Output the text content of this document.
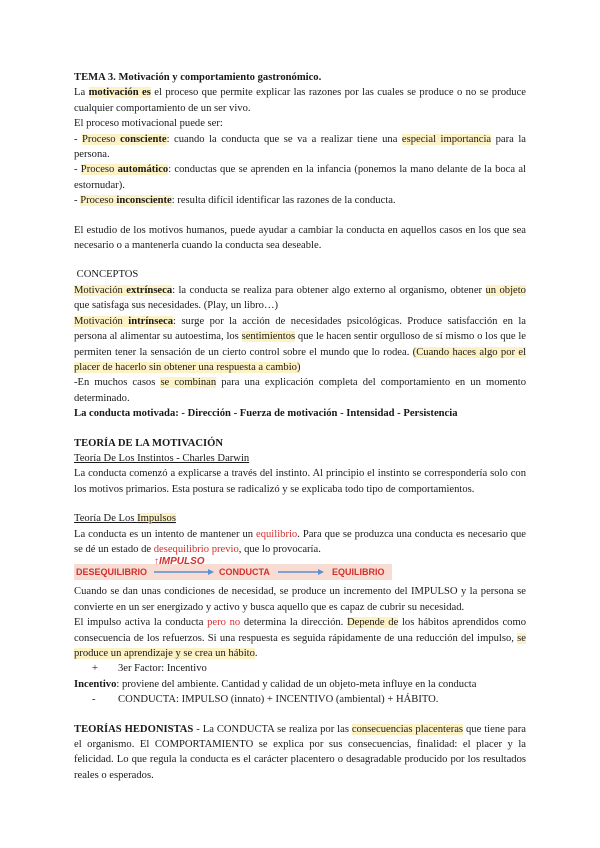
TEMA 3. Motivación y comportamiento gastronómico.

La motivación es el proceso que permite explicar las razones por las cuales se produce o no se produce cualquier comportamiento de un ser vivo.

El proceso motivacional puede ser:

- Proceso consciente: cuando la conducta que se va a realizar tiene una especial importancia para la persona.

- Proceso automático: conductas que se aprenden en la infancia (ponemos la mano delante de la boca al estornudar).

- Proceso inconsciente: resulta difícil identificar las razones de la conducta.

El estudio de los motivos humanos, puede ayudar a cambiar la conducta en aquellos casos en los que sea necesario o a mantenerla cuando la conducta sea deseable.

CONCEPTOS

Motivación extrínseca: la conducta se realiza para obtener algo externo al organismo, obtener un objeto que satisfaga sus necesidades. (Play, un libro…)

Motivación intrínseca: surge por la acción de necesidades psicológicas. Produce satisfacción en la persona al alimentar su autoestima, los sentimientos que le hacen sentir orgulloso de sí mismo o los que le permiten tener la sensación de un cierto control sobre el mundo que lo rodea. (Cuando haces algo por el placer de hacerlo sin obtener una respuesta a cambio)

-En muchos casos se combinan para una explicación completa del comportamiento en un momento determinado.

La conducta motivada: - Dirección - Fuerza de motivación - Intensidad - Persistencia

TEORÍA DE LA MOTIVACIÓN

Teoría De Los Instintos - Charles Darwin

La conducta comenzó a explicarse a través del instinto. Al principio el instinto se correspondería solo con los motivos primarios. Esta postura se radicalizó y se explicaba todo tipo de comportamientos.

Teoría De Los Impulsos

La conducta es un intento de mantener un equilibrio. Para que se produzca una conducta es necesario que se dé un estado de desequilibrio previo, que lo provocaría.

DESEQUILIBRIO
↑IMPULSO
CONDUCTA	EQUILIBRIO

Cuando se dan unas condiciones de necesidad, se produce un incremento del IMPULSO y la persona se convierte en un ser energizado y activo y busca aquello que es capaz de cubrir su necesidad.

El impulso activa la conducta pero no determina la dirección. Depende de los hábitos aprendidos como consecuencia de los refuerzos. Si una respuesta es seguida rápidamente de una reducción del impulso, se produce un aprendizaje y se crea un hábito.

+ 3er Factor: Incentivo

Incentivo: proviene del ambiente. Cantidad y calidad de un objeto-meta influye en la conducta

- CONDUCTA: IMPULSO (innato) + INCENTIVO (ambiental) + HÁBITO.

TEORÍAS HEDONISTAS - La CONDUCTA se realiza por las consecuencias placenteras que tiene para el organismo. El COMPORTAMIENTO se explica por sus consecuencias, finalidad: el placer y la felicidad. Lo que regula la conducta es el carácter placentero o desagradable producido por los resultados reales o esperados.
